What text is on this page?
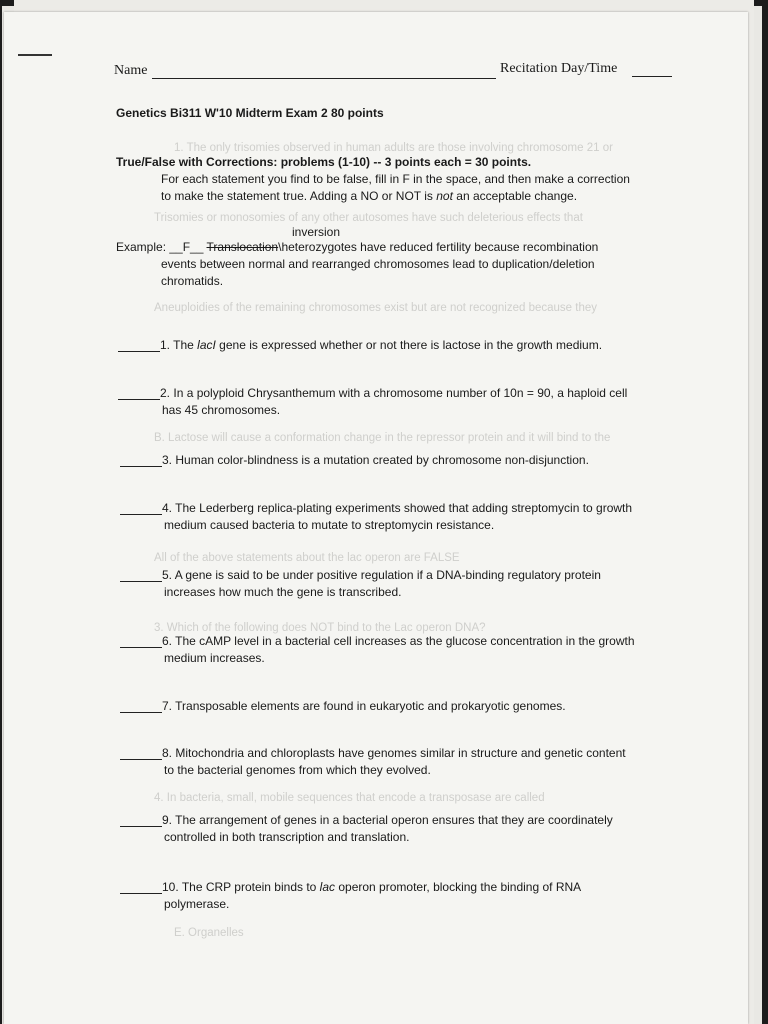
1. The only trisomies observed in human adults are those involving chromosome 21 or
Trisomies or monosomies of any other autosomes have such deleterious effects that
Aneuploidies of the remaining chromosomes exist but are not recognized because they
B. Lactose will cause a conformation change in the repressor protein and it will bind to the
All of the above statements about the lac operon are FALSE
3. Which of the following does NOT bind to the Lac operon DNA?
4. In bacteria, small, mobile sequences that encode a transposase are called
E. Organelles
Name	Recitation Day/Time
Genetics Bi311 W'10 Midterm Exam 2 80 points
True/False with Corrections: problems (1-10) -- 3 points each = 30 points.
For each statement you find to be false, fill in F in the space, and then make a correction
to make the statement true. Adding a NO or NOT is not an acceptable change.
inversion
Example: __F__ Translocation\heterozygotes have reduced fertility because recombination
events between normal and rearranged chromosomes lead to duplication/deletion
chromatids.
1. The lacI gene is expressed whether or not there is lactose in the growth medium.
2. In a polyploid Chrysanthemum with a chromosome number of 10n = 90, a haploid cell
has 45 chromosomes.
3. Human color-blindness is a mutation created by chromosome non-disjunction.
4. The Lederberg replica-plating experiments showed that adding streptomycin to growth
medium caused bacteria to mutate to streptomycin resistance.
5. A gene is said to be under positive regulation if a DNA-binding regulatory protein
increases how much the gene is transcribed.
6. The cAMP level in a bacterial cell increases as the glucose concentration in the growth
medium increases.
7. Transposable elements are found in eukaryotic and prokaryotic genomes.
8. Mitochondria and chloroplasts have genomes similar in structure and genetic content
to the bacterial genomes from which they evolved.
9. The arrangement of genes in a bacterial operon ensures that they are coordinately
controlled in both transcription and translation.
10. The CRP protein binds to lac operon promoter, blocking the binding of RNA
polymerase.
